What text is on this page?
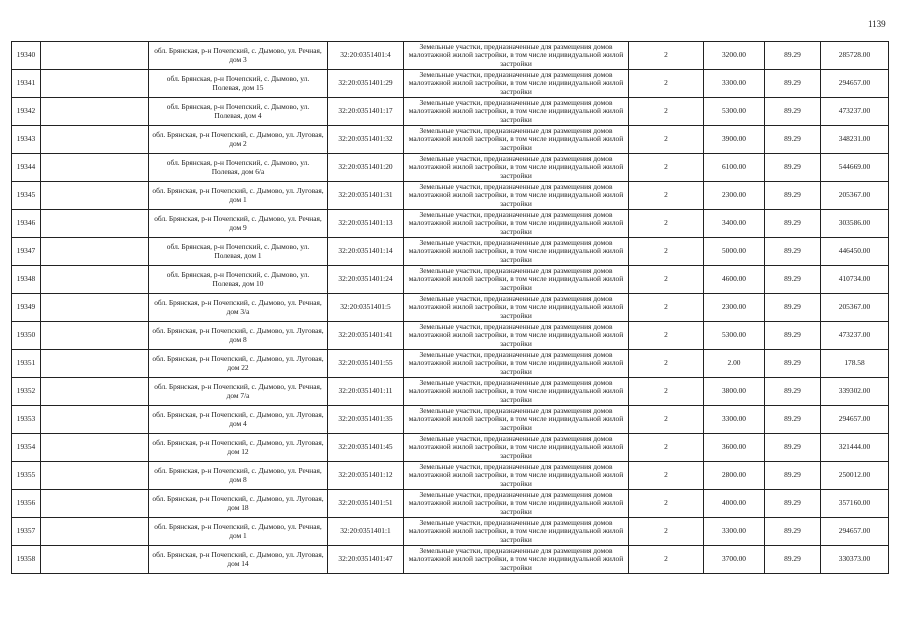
1139
19340		обл. Брянская, р-н Почепский, с. Дымово, ул. Речная, дом 3	32:20:0351401:4	Земельные участки, предназначенные для размещения домов малоэтажной жилой застройки, в том числе индивидуальной жилой застройки	2	3200.00	89.29	285728.00
19341		обл. Брянская, р-н Почепский, с. Дымово, ул. Полевая, дом 15	32:20:0351401:29	Земельные участки, предназначенные для размещения домов малоэтажной жилой застройки, в том числе индивидуальной жилой застройки	2	3300.00	89.29	294657.00
19342		обл. Брянская, р-н Почепский, с. Дымово, ул. Полевая, дом 4	32:20:0351401:17	Земельные участки, предназначенные для размещения домов малоэтажной жилой застройки, в том числе индивидуальной жилой застройки	2	5300.00	89.29	473237.00
19343		обл. Брянская, р-н Почепский, с. Дымово, ул. Луговая, дом 2	32:20:0351401:32	Земельные участки, предназначенные для размещения домов малоэтажной жилой застройки, в том числе индивидуальной жилой застройки	2	3900.00	89.29	348231.00
19344		обл. Брянская, р-н Почепский, с. Дымово, ул. Полевая, дом 6/а	32:20:0351401:20	Земельные участки, предназначенные для размещения домов малоэтажной жилой застройки, в том числе индивидуальной жилой застройки	2	6100.00	89.29	544669.00
19345		обл. Брянская, р-н Почепский, с. Дымово, ул. Луговая, дом 1	32:20:0351401:31	Земельные участки, предназначенные для размещения домов малоэтажной жилой застройки, в том числе индивидуальной жилой застройки	2	2300.00	89.29	205367.00
19346		обл. Брянская, р-н Почепский, с. Дымово, ул. Речная, дом 9	32:20:0351401:13	Земельные участки, предназначенные для размещения домов малоэтажной жилой застройки, в том числе индивидуальной жилой застройки	2	3400.00	89.29	303586.00
19347		обл. Брянская, р-н Почепский, с. Дымово, ул. Полевая, дом 1	32:20:0351401:14	Земельные участки, предназначенные для размещения домов малоэтажной жилой застройки, в том числе индивидуальной жилой застройки	2	5000.00	89.29	446450.00
19348		обл. Брянская, р-н Почепский, с. Дымово, ул. Полевая, дом 10	32:20:0351401:24	Земельные участки, предназначенные для размещения домов малоэтажной жилой застройки, в том числе индивидуальной жилой застройки	2	4600.00	89.29	410734.00
19349		обл. Брянская, р-н Почепский, с. Дымово, ул. Речная, дом 3/а	32:20:0351401:5	Земельные участки, предназначенные для размещения домов малоэтажной жилой застройки, в том числе индивидуальной жилой застройки	2	2300.00	89.29	205367.00
19350		обл. Брянская, р-н Почепский, с. Дымово, ул. Луговая, дом 8	32:20:0351401:41	Земельные участки, предназначенные для размещения домов малоэтажной жилой застройки, в том числе индивидуальной жилой застройки	2	5300.00	89.29	473237.00
19351		обл. Брянская, р-н Почепский, с. Дымово, ул. Луговая, дом 22	32:20:0351401:55	Земельные участки, предназначенные для размещения домов малоэтажной жилой застройки, в том числе индивидуальной жилой застройки	2	2.00	89.29	178.58
19352		обл. Брянская, р-н Почепский, с. Дымово, ул. Речная, дом 7/а	32:20:0351401:11	Земельные участки, предназначенные для размещения домов малоэтажной жилой застройки, в том числе индивидуальной жилой застройки	2	3800.00	89.29	339302.00
19353		обл. Брянская, р-н Почепский, с. Дымово, ул. Луговая, дом 4	32:20:0351401:35	Земельные участки, предназначенные для размещения домов малоэтажной жилой застройки, в том числе индивидуальной жилой застройки	2	3300.00	89.29	294657.00
19354		обл. Брянская, р-н Почепский, с. Дымово, ул. Луговая, дом 12	32:20:0351401:45	Земельные участки, предназначенные для размещения домов малоэтажной жилой застройки, в том числе индивидуальной жилой застройки	2	3600.00	89.29	321444.00
19355		обл. Брянская, р-н Почепский, с. Дымово, ул. Речная, дом 8	32:20:0351401:12	Земельные участки, предназначенные для размещения домов малоэтажной жилой застройки, в том числе индивидуальной жилой застройки	2	2800.00	89.29	250012.00
19356		обл. Брянская, р-н Почепский, с. Дымово, ул. Луговая, дом 18	32:20:0351401:51	Земельные участки, предназначенные для размещения домов малоэтажной жилой застройки, в том числе индивидуальной жилой застройки	2	4000.00	89.29	357160.00
19357		обл. Брянская, р-н Почепский, с. Дымово, ул. Речная, дом 1	32:20:0351401:1	Земельные участки, предназначенные для размещения домов малоэтажной жилой застройки, в том числе индивидуальной жилой застройки	2	3300.00	89.29	294657.00
19358		обл. Брянская, р-н Почепский, с. Дымово, ул. Луговая, дом 14	32:20:0351401:47	Земельные участки, предназначенные для размещения домов малоэтажной жилой застройки, в том числе индивидуальной жилой застройки	2	3700.00	89.29	330373.00
